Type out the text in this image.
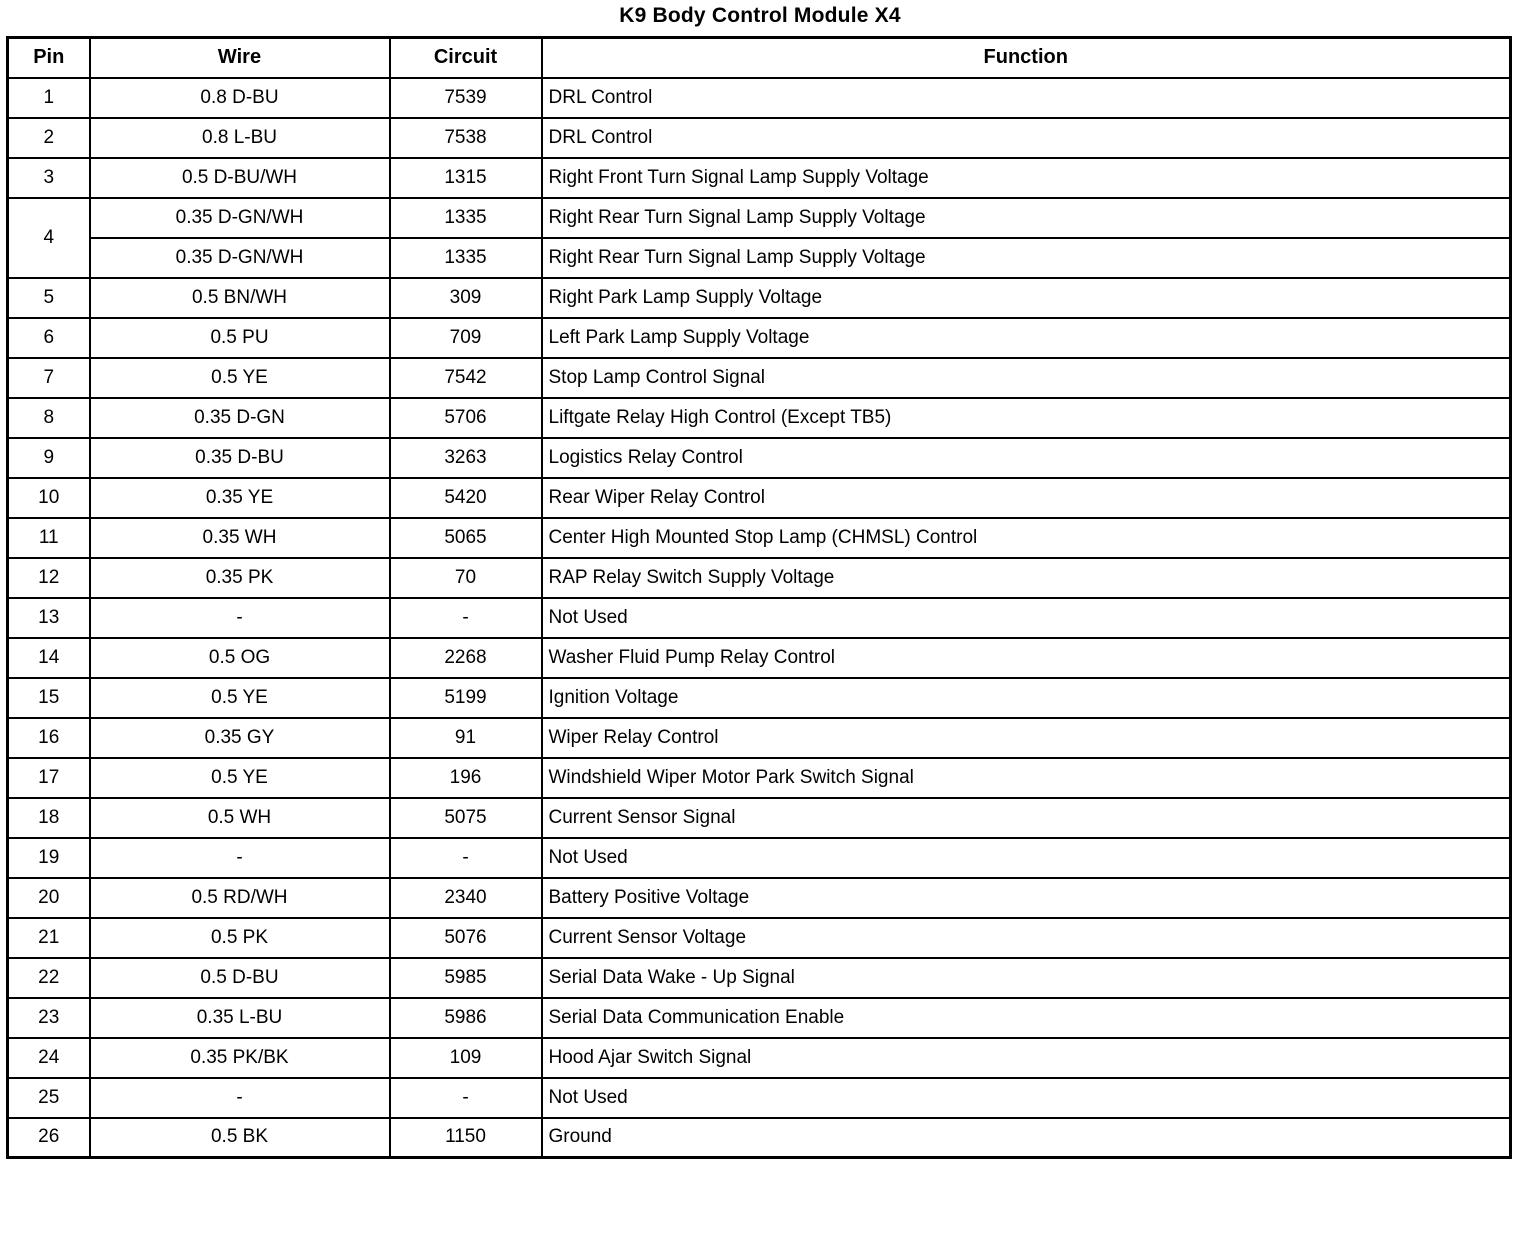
K9 Body Control Module X4
Pin	Wire	Circuit	Function
1	0.8 D-BU	7539	DRL Control
2	0.8 L-BU	7538	DRL Control
3	0.5 D-BU/WH	1315	Right Front Turn Signal Lamp Supply Voltage
4	0.35 D-GN/WH	1335	Right Rear Turn Signal Lamp Supply Voltage
	0.35 D-GN/WH	1335	Right Rear Turn Signal Lamp Supply Voltage
5	0.5 BN/WH	309	Right Park Lamp Supply Voltage
6	0.5 PU	709	Left Park Lamp Supply Voltage
7	0.5 YE	7542	Stop Lamp Control Signal
8	0.35 D-GN	5706	Liftgate Relay High Control (Except TB5)
9	0.35 D-BU	3263	Logistics Relay Control
10	0.35 YE	5420	Rear Wiper Relay Control
11	0.35 WH	5065	Center High Mounted Stop Lamp (CHMSL) Control
12	0.35 PK	70	RAP Relay Switch Supply Voltage
13	-	-	Not Used
14	0.5 OG	2268	Washer Fluid Pump Relay Control
15	0.5 YE	5199	Ignition Voltage
16	0.35 GY	91	Wiper Relay Control
17	0.5 YE	196	Windshield Wiper Motor Park Switch Signal
18	0.5 WH	5075	Current Sensor Signal
19	-	-	Not Used
20	0.5 RD/WH	2340	Battery Positive Voltage
21	0.5 PK	5076	Current Sensor Voltage
22	0.5 D-BU	5985	Serial Data Wake - Up Signal
23	0.35 L-BU	5986	Serial Data Communication Enable
24	0.35 PK/BK	109	Hood Ajar Switch Signal
25	-	-	Not Used
26	0.5 BK	1150	Ground
